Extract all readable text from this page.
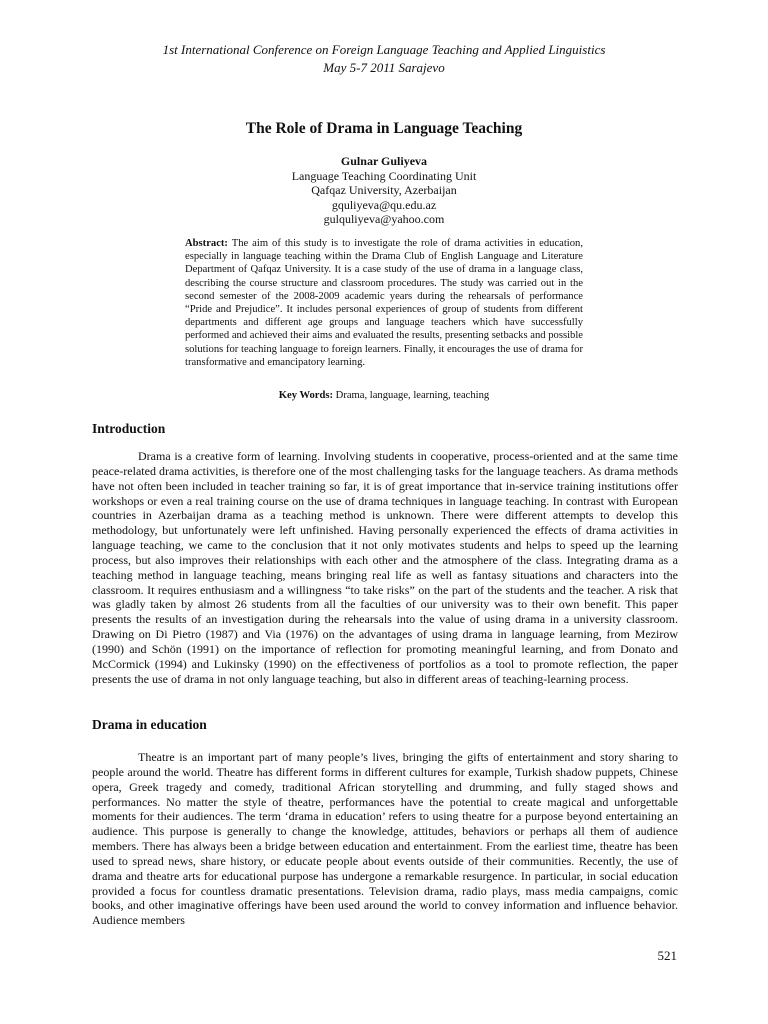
1st International Conference on Foreign Language Teaching and Applied Linguistics
May 5-7 2011 Sarajevo
The Role of Drama in Language Teaching
Gulnar Guliyeva
Language Teaching Coordinating Unit
Qafqaz University, Azerbaijan
gquliyeva@qu.edu.az
gulquliyeva@yahoo.com
Abstract: The aim of this study is to investigate the role of drama activities in education, especially in language teaching within the Drama Club of English Language and Literature Department of Qafqaz University. It is a case study of the use of drama in a language class, describing the course structure and classroom procedures. The study was carried out in the second semester of the 2008-2009 academic years during the rehearsals of performance “Pride and Prejudice”. It includes personal experiences of group of students from different departments and different age groups and language teachers which have successfully performed and achieved their aims and evaluated the results, presenting setbacks and possible solutions for teaching language to foreign learners. Finally, it encourages the use of drama for transformative and emancipatory learning.
Key Words: Drama, language, learning, teaching
Introduction
Drama is a creative form of learning. Involving students in cooperative, process-oriented and at the same time peace-related drama activities, is therefore one of the most challenging tasks for the language teachers. As drama methods have not often been included in teacher training so far, it is of great importance that in-service training institutions offer workshops or even a real training course on the use of drama techniques in language teaching. In contrast with European countries in Azerbaijan drama as a teaching method is unknown. There were different attempts to develop this methodology, but unfortunately were left unfinished. Having personally experienced the effects of drama activities in language teaching, we came to the conclusion that it not only motivates students and helps to speed up the learning process, but also improves their relationships with each other and the atmosphere of the class. Integrating drama as a teaching method in language teaching, means bringing real life as well as fantasy situations and characters into the classroom. It requires enthusiasm and a willingness “to take risks” on the part of the students and the teacher. A risk that was gladly taken by almost 26 students from all the faculties of our university was to their own benefit. This paper presents the results of an investigation during the rehearsals into the value of using drama in a university classroom. Drawing on Di Pietro (1987) and Via (1976) on the advantages of using drama in language learning, from Mezirow (1990) and Schön (1991) on the importance of reflection for promoting meaningful learning, and from Donato and McCormick (1994) and Lukinsky (1990) on the effectiveness of portfolios as a tool to promote reflection, the paper presents the use of drama in not only language teaching, but also in different areas of teaching-learning process.
Drama in education
Theatre is an important part of many people’s lives, bringing the gifts of entertainment and story sharing to people around the world. Theatre has different forms in different cultures for example, Turkish shadow puppets, Chinese opera, Greek tragedy and comedy, traditional African storytelling and drumming, and fully staged shows and performances. No matter the style of theatre, performances have the potential to create magical and unforgettable moments for their audiences. The term ‘drama in education’ refers to using theatre for a purpose beyond entertaining an audience. This purpose is generally to change the knowledge, attitudes, behaviors or perhaps all them of audience members. There has always been a bridge between education and entertainment. From the earliest time, theatre has been used to spread news, share history, or educate people about events outside of their communities. Recently, the use of drama and theatre arts for educational purpose has undergone a remarkable resurgence. In particular, in social education provided a focus for countless dramatic presentations. Television drama, radio plays, mass media campaigns, comic books, and other imaginative offerings have been used around the world to convey information and influence behavior. Audience members
521
